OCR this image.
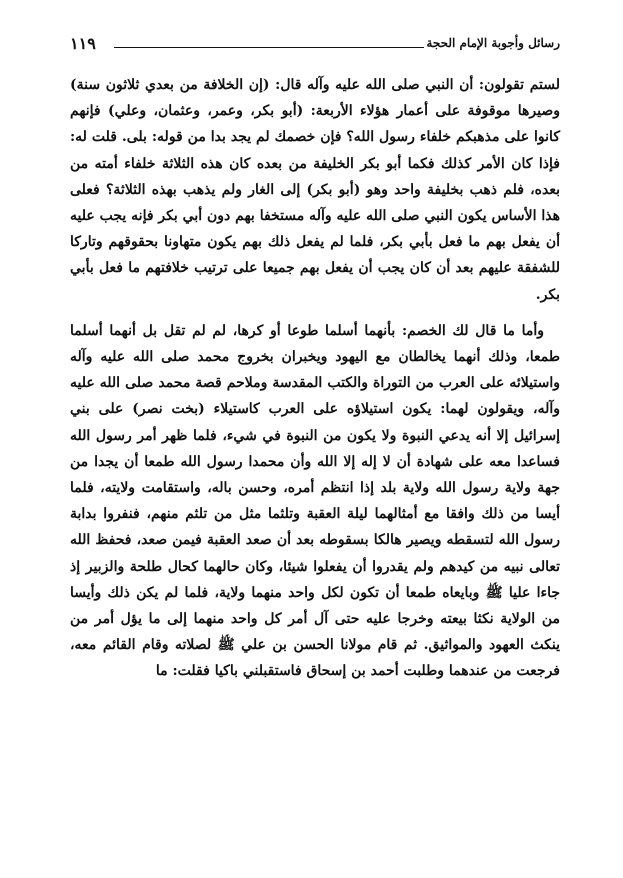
رسائل وأجوبة الإمام الحجة
١١٩

لستم تقولون: أن النبي صلى الله عليه وآله قال: (إن الخلافة من بعدي ثلاثون سنة) وصيرها موقوفة على أعمار هؤلاء الأربعة: (أبو بكر، وعمر، وعثمان، وعلي) فإنهم كانوا على مذهبكم خلفاء رسول الله؟ فإن خصمك لم يجد بدا من قوله: بلى. قلت له: فإذا كان الأمر كذلك فكما أبو بكر الخليفة من بعده كان هذه الثلاثة خلفاء أمته من بعده، فلم ذهب بخليفة واحد وهو (أبو بكر) إلى الغار ولم يذهب بهذه الثلاثة؟ فعلى هذا الأساس يكون النبي صلى الله عليه وآله مستخفا بهم دون أبي بكر فإنه يجب عليه أن يفعل بهم ما فعل بأبي بكر، فلما لم يفعل ذلك بهم يكون متهاونا بحقوقهم وتاركا للشفقة عليهم بعد أن كان يجب أن يفعل بهم جميعا على ترتيب خلافتهم ما فعل بأبي بكر.

وأما ما قال لك الخصم: بأنهما أسلما طوعا أو كرها، لم لم تقل بل أنهما أسلما طمعا، وذلك أنهما يخالطان مع اليهود ويخبران بخروج محمد صلى الله عليه وآله واستيلائه على العرب من التوراة والكتب المقدسة وملاحم قصة محمد صلى الله عليه وآله، ويقولون لهما: يكون استيلاؤه على العرب كاستيلاء (بخت نصر) على بني إسرائيل إلا أنه يدعي النبوة ولا يكون من النبوة في شيء، فلما ظهر أمر رسول الله فساعدا معه على شهادة أن لا إله إلا الله وأن محمدا رسول الله طمعا أن يجدا من جهة ولاية رسول الله ولاية بلد إذا انتظم أمره، وحسن باله، واستقامت ولايته، فلما أيسا من ذلك وافقا مع أمثالهما ليلة العقبة وتلثما مثل من تلثم منهم، فنفروا بدابة رسول الله لتسقطه ويصير هالكا بسقوطه بعد أن صعد العقبة فيمن صعد، فحفظ الله تعالى نبيه من كيدهم ولم يقدروا أن يفعلوا شيئا، وكان حالهما كحال طلحة والزبير إذ جاءا عليا ﷺ وبايعاه طمعا أن تكون لكل واحد منهما ولاية، فلما لم يكن ذلك وأيسا من الولاية نكثا بيعته وخرجا عليه حتى آل أمر كل واحد منهما إلى ما يؤل أمر من ينكث العهود والمواثيق. ثم قام مولانا الحسن بن علي ﷺ لصلاته وقام القائم معه، فرجعت من عندهما وطلبت أحمد بن إسحاق فاستقبلني باكيا فقلت: ما
